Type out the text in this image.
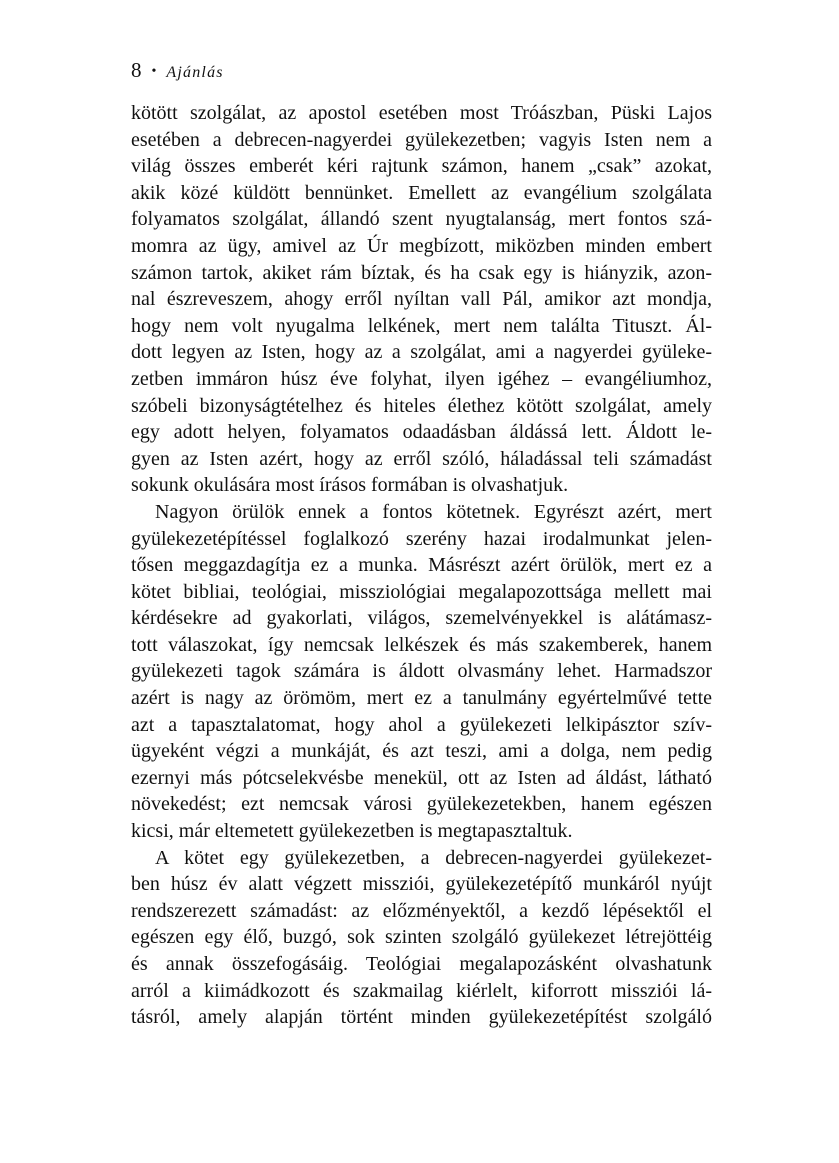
8 • Ajánlás
kötött szolgálat, az apostol esetében most Tróászban, Püski Lajos
esetében a debrecen-nagyerdei gyülekezetben; vagyis Isten nem a
világ összes emberét kéri rajtunk számon, hanem „csak” azokat,
akik közé küldött bennünket. Emellett az evangélium szolgálata
folyamatos szolgálat, állandó szent nyugtalanság, mert fontos szá-
momra az ügy, amivel az Úr megbízott, miközben minden embert
számon tartok, akiket rám bíztak, és ha csak egy is hiányzik, azon-
nal észreveszem, ahogy erről nyíltan vall Pál, amikor azt mondja,
hogy nem volt nyugalma lelkének, mert nem találta Tituszt. Ál-
dott legyen az Isten, hogy az a szolgálat, ami a nagyerdei gyüleke-
zetben immáron húsz éve folyhat, ilyen igéhez – evangéliumhoz,
szóbeli bizonyságtételhez és hiteles élethez kötött szolgálat, amely
egy adott helyen, folyamatos odaadásban áldássá lett. Áldott le-
gyen az Isten azért, hogy az erről szóló, háladással teli számadást
sokunk okulására most írásos formában is olvashatjuk.
Nagyon örülök ennek a fontos kötetnek. Egyrészt azért, mert
gyülekezetépítéssel foglalkozó szerény hazai irodalmunkat jelen-
tősen meggazdagítja ez a munka. Másrészt azért örülök, mert ez a
kötet bibliai, teológiai, missziológiai megalapozottsága mellett mai
kérdésekre ad gyakorlati, világos, szemelvényekkel is alátámasz-
tott válaszokat, így nemcsak lelkészek és más szakemberek, hanem
gyülekezeti tagok számára is áldott olvasmány lehet. Harmadszor
azért is nagy az örömöm, mert ez a tanulmány egyértelművé tette
azt a tapasztalatomat, hogy ahol a gyülekezeti lelkipásztor szív-
ügyeként végzi a munkáját, és azt teszi, ami a dolga, nem pedig
ezernyi más pótcselekvésbe menekül, ott az Isten ad áldást, látható
növekedést; ezt nemcsak városi gyülekezetekben, hanem egészen
kicsi, már eltemetett gyülekezetben is megtapasztaltuk.
A kötet egy gyülekezetben, a debrecen-nagyerdei gyülekezet-
ben húsz év alatt végzett missziói, gyülekezetépítő munkáról nyújt
rendszerezett számadást: az előzményektől, a kezdő lépésektől el
egészen egy élő, buzgó, sok szinten szolgáló gyülekezet létrejöttéig
és annak összefogásáig. Teológiai megalapozásként olvashatunk
arról a kiimádkozott és szakmailag kiérlelt, kiforrott missziói lá-
tásról, amely alapján történt minden gyülekezetépítést szolgáló
